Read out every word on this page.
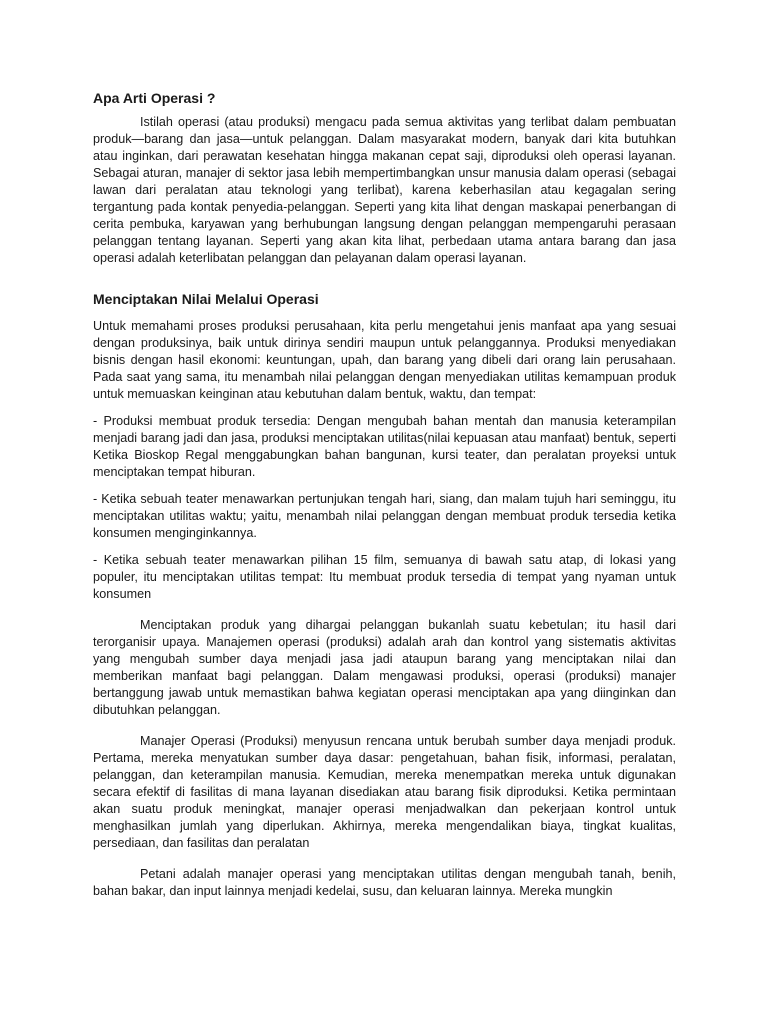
Apa Arti Operasi ?

Istilah operasi (atau produksi) mengacu pada semua aktivitas yang terlibat dalam pembuatan produk—barang dan jasa—untuk pelanggan. Dalam masyarakat modern, banyak dari kita butuhkan atau inginkan, dari perawatan kesehatan hingga makanan cepat saji, diproduksi oleh operasi layanan. Sebagai aturan, manajer di sektor jasa lebih mempertimbangkan unsur manusia dalam operasi (sebagai lawan dari peralatan atau teknologi yang terlibat), karena keberhasilan atau kegagalan sering tergantung pada kontak penyedia-pelanggan. Seperti yang kita lihat dengan maskapai penerbangan di cerita pembuka, karyawan yang berhubungan langsung dengan pelanggan mempengaruhi perasaan pelanggan tentang layanan. Seperti yang akan kita lihat, perbedaan utama antara barang dan jasa operasi adalah keterlibatan pelanggan dan pelayanan dalam operasi layanan.

Menciptakan Nilai Melalui Operasi

Untuk memahami proses produksi perusahaan, kita perlu mengetahui jenis manfaat apa yang sesuai dengan produksinya, baik untuk dirinya sendiri maupun untuk pelanggannya. Produksi menyediakan bisnis dengan hasil ekonomi: keuntungan, upah, dan barang yang dibeli dari orang lain perusahaan. Pada saat yang sama, itu menambah nilai pelanggan dengan menyediakan utilitas kemampuan produk untuk memuaskan keinginan atau kebutuhan dalam bentuk, waktu, dan tempat:

- Produksi membuat produk tersedia: Dengan mengubah bahan mentah dan manusia keterampilan menjadi barang jadi dan jasa, produksi menciptakan utilitas(nilai kepuasan atau manfaat) bentuk, seperti Ketika Bioskop Regal menggabungkan bahan bangunan, kursi teater, dan peralatan proyeksi untuk menciptakan tempat hiburan.

- Ketika sebuah teater menawarkan pertunjukan tengah hari, siang, dan malam tujuh hari seminggu, itu menciptakan utilitas waktu; yaitu, menambah nilai pelanggan dengan membuat produk tersedia ketika konsumen menginginkannya.

- Ketika sebuah teater menawarkan pilihan 15 film, semuanya di bawah satu atap, di lokasi yang populer, itu menciptakan utilitas tempat: Itu membuat produk tersedia di tempat yang nyaman untuk konsumen

Menciptakan produk yang dihargai pelanggan bukanlah suatu kebetulan; itu hasil dari terorganisir upaya. Manajemen operasi (produksi) adalah arah dan kontrol yang sistematis aktivitas yang mengubah sumber daya menjadi jasa jadi ataupun barang yang menciptakan nilai dan memberikan manfaat bagi pelanggan. Dalam mengawasi produksi, operasi (produksi) manajer bertanggung jawab untuk memastikan bahwa kegiatan operasi menciptakan apa yang diinginkan dan dibutuhkan pelanggan.

Manajer Operasi (Produksi) menyusun rencana untuk berubah sumber daya menjadi produk. Pertama, mereka menyatukan sumber daya dasar: pengetahuan, bahan fisik, informasi, peralatan, pelanggan, dan keterampilan manusia. Kemudian, mereka menempatkan mereka untuk digunakan secara efektif di fasilitas di mana layanan disediakan atau barang fisik diproduksi. Ketika permintaan akan suatu produk meningkat, manajer operasi menjadwalkan dan pekerjaan kontrol untuk menghasilkan jumlah yang diperlukan. Akhirnya, mereka mengendalikan biaya, tingkat kualitas, persediaan, dan fasilitas dan peralatan

Petani adalah manajer operasi yang menciptakan utilitas dengan mengubah tanah, benih, bahan bakar, dan input lainnya menjadi kedelai, susu, dan keluaran lainnya. Mereka mungkin
